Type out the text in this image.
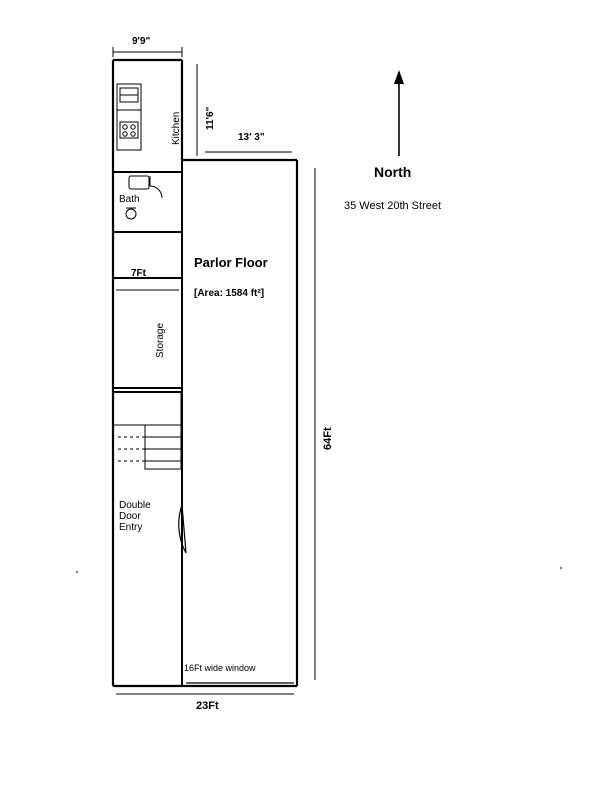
9'9"
11'6"
13' 3"
7Ft
64Ft
23Ft
16Ft wide window
Kitchen
Bath
Storage
Double
Door
Entry
Parlor Floor
[Area: 1584 ft²]
North
35 West 20th Street
